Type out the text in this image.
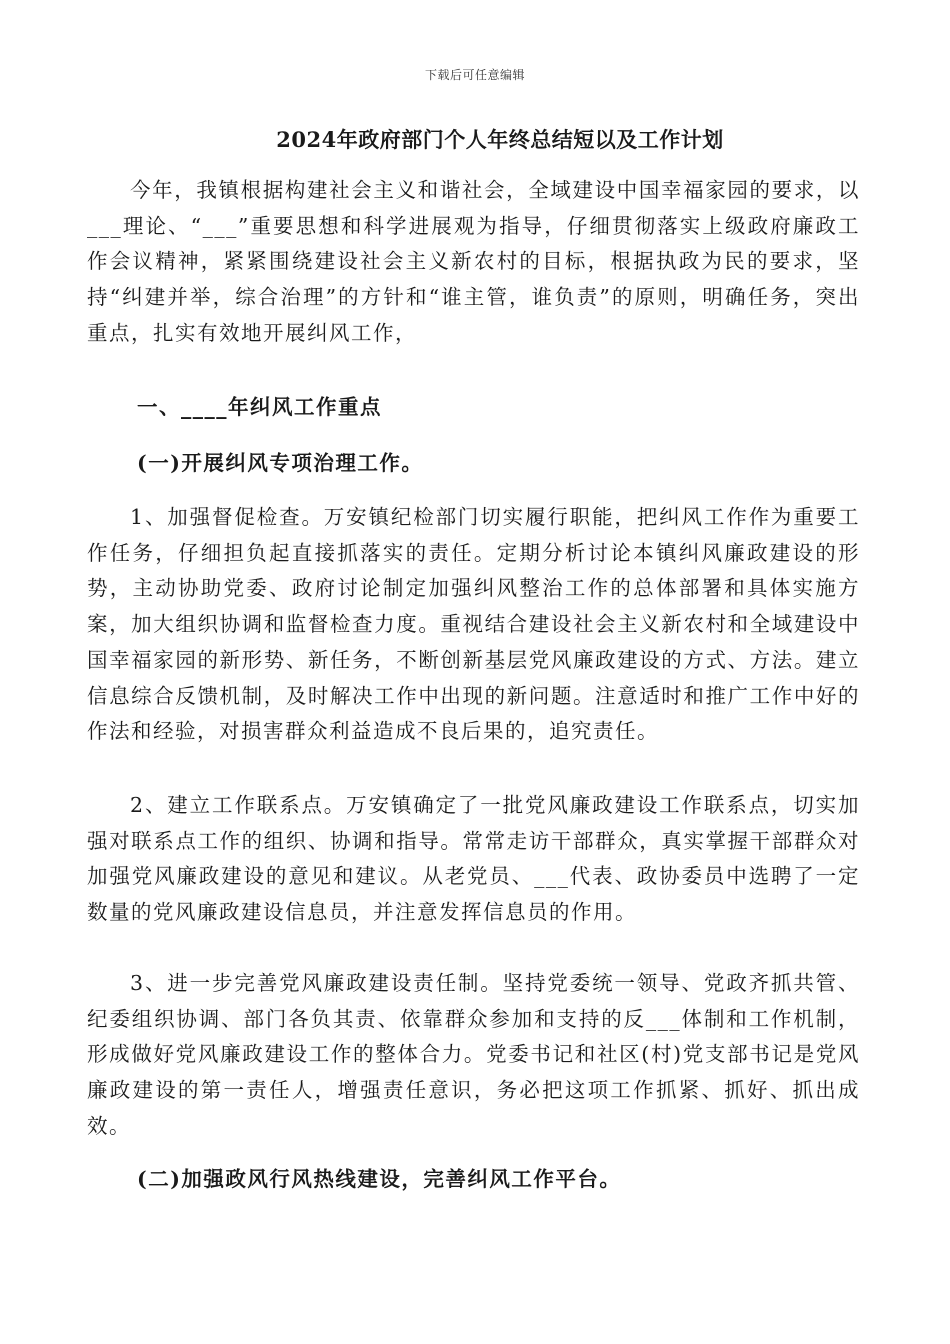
下载后可任意编辑
2024年政府部门个人年终总结短以及工作计划

今年，我镇根据构建社会主义和谐社会，全域建设中国幸福家园的要求，以___理论、“___”重要思想和科学进展观为指导，仔细贯彻落实上级政府廉政工作会议精神，紧紧围绕建设社会主义新农村的目标，根据执政为民的要求，坚持“纠建并举，综合治理”的方针和“谁主管，谁负责”的原则，明确任务，突出重点，扎实有效地开展纠风工作，

一、____年纠风工作重点

(一)开展纠风专项治理工作。

1、加强督促检查。万安镇纪检部门切实履行职能，把纠风工作作为重要工作任务，仔细担负起直接抓落实的责任。定期分析讨论本镇纠风廉政建设的形势，主动协助党委、政府讨论制定加强纠风整治工作的总体部署和具体实施方案，加大组织协调和监督检查力度。重视结合建设社会主义新农村和全域建设中国幸福家园的新形势、新任务，不断创新基层党风廉政建设的方式、方法。建立信息综合反馈机制，及时解决工作中出现的新问题。注意适时和推广工作中好的作法和经验，对损害群众利益造成不良后果的，追究责任。

2、建立工作联系点。万安镇确定了一批党风廉政建设工作联系点，切实加强对联系点工作的组织、协调和指导。常常走访干部群众，真实掌握干部群众对加强党风廉政建设的意见和建议。从老党员、___代表、政协委员中选聘了一定数量的党风廉政建设信息员，并注意发挥信息员的作用。

3、进一步完善党风廉政建设责任制。坚持党委统一领导、党政齐抓共管、纪委组织协调、部门各负其责、依靠群众参加和支持的反___体制和工作机制，形成做好党风廉政建设工作的整体合力。党委书记和社区(村)党支部书记是党风廉政建设的第一责任人，增强责任意识，务必把这项工作抓紧、抓好、抓出成效。

(二)加强政风行风热线建设，完善纠风工作平台。
